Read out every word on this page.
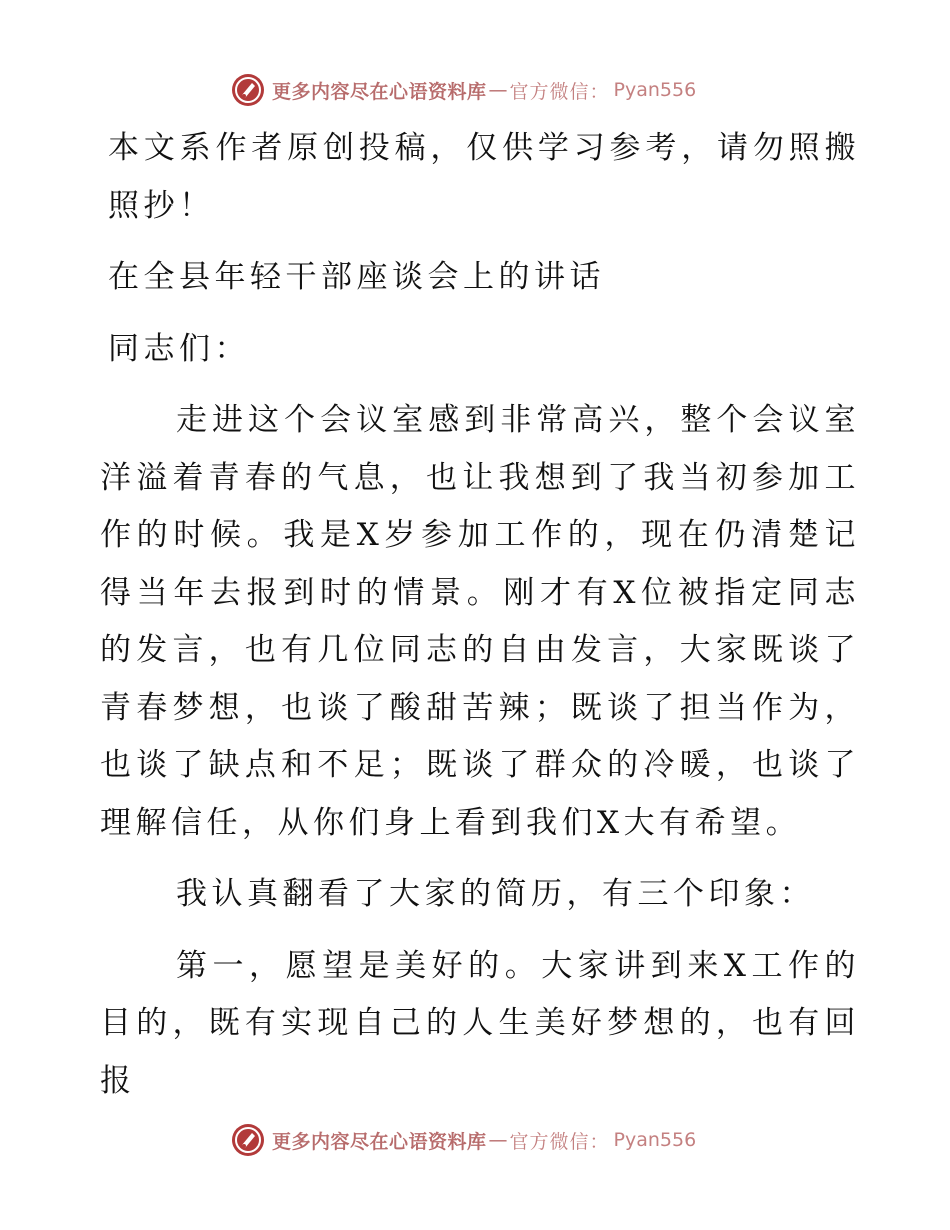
更多内容尽在心语资料库 — 官方微信： Pyan556

本文系作者原创投稿，仅供学习参考，请勿照搬照抄！

在全县年轻干部座谈会上的讲话

同志们：

走进这个会议室感到非常高兴，整个会议室洋溢着青春的气息，也让我想到了我当初参加工作的时候。我是X岁参加工作的，现在仍清楚记得当年去报到时的情景。刚才有X位被指定同志的发言，也有几位同志的自由发言，大家既谈了青春梦想，也谈了酸甜苦辣；既谈了担当作为，也谈了缺点和不足；既谈了群众的冷暖，也谈了理解信任，从你们身上看到我们X大有希望。

我认真翻看了大家的简历，有三个印象：

第一，愿望是美好的。大家讲到来X工作的目的，既有实现自己的人生美好梦想的，也有回报

更多内容尽在心语资料库 — 官方微信： Pyan556
